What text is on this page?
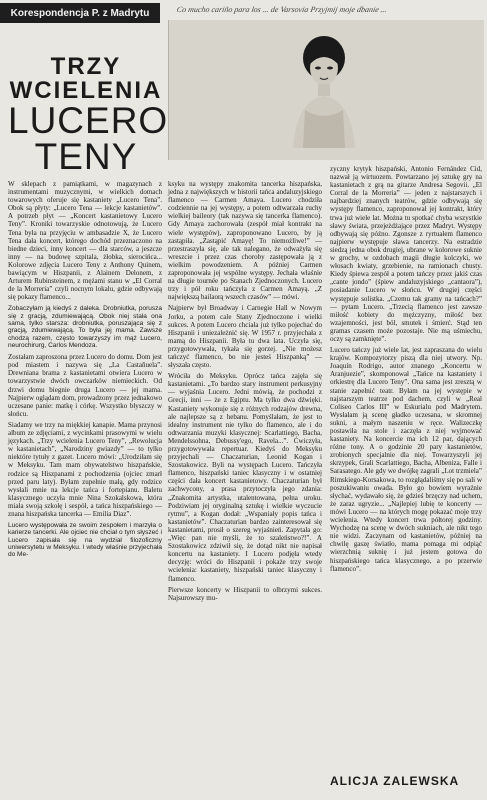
Korespondencja P. z Madrytu	Co mucho cariño para los ... de Varsovia Przyjmij moje dbanie ...
TRZY WCIELENIA
LUCERO
TENY

W sklepach z pamiątkami, w magazynach z instrumentami muzycznymi, w wielkich domach towarowych oferuje się kastaniety „Lucero Tena”. Obok są płyty: „Lucero Tena — lekcje kastanietów”. A potrzeb płyt — „Koncert kastanietowy Lucero Teny”. Kroniki towarzyskie odnotowują, że Lucero Tena była na przyjęciu w ambasadzie X, że Lucero Tena dała koncert, którego dochód przeznaczono na biedne dzieci, inny koncert — dla starców, a jeszcze inny — na budowę szpitala, żłobka, sierocińca... Kolorowe zdjęcia Lucero Teny z Anthony Quinem, bawiącym w Hiszpanii, z Alainem Delonem, z Arturem Rubinsteinem, z mężami stanu w „El Corral de la Morreria” czyli nocnym lokalu, gdzie odbywają się pokazy flamenco...

Zobaczyłam ją kiedyś z daleka. Drobniutka, porusza się z gracją, zdumiewającą. Obok niej stała ona sama, tylko starsza: drobniutka, poruszająca się z gracją, zdumiewającą. To była jej mama. Zawsze chodzą razem, często towarzyszy im mąż Lucero, neurochirurg, Carlos Mendoza.

Zostałam zaproszona przez Lucero do domu. Dom jest pod miastem i nazywa się „La Castañuela”. Drewniana brama z kastanietami otwiera Lucero w towarzystwie dwóch owczarków niemieckich. Od drzwi domu biegnie druga Lucero — jej mama. Najpierw oglądam dom, prowadzony przez jednakowo uczesane panie: matkę i córkę. Wszystko błyszczy w słońcu.

Siadamy we trzy na miękkiej kanapie. Mama przynosi album ze zdjęciami, z wycinkami prasowymi w wielu językach. „Trzy wcielenia Lucero Teny”, „Rewolucja w kastanietach”, „Narodziny gwiazdy” — to tylko niektóre tytuły z gazet. Lucero mówi: „Urodziłam się w Meksyku. Tam mam obywatelstwo hiszpańskie, rodzice są Hiszpanami z pochodzenia (ojciec zmarł przed paru laty). Byłam zupełnie małą, gdy rodzice wysłali mnie na lekcje tańca i fortepianu. Baletu klasycznego uczyła mnie Nina Szokalskowa, która miała swoją szkołę i sespół, a tańca hiszpańskiego — znana hiszpańska tancerka — Emilia Diaz”.

Lucero występowała ze swoim zespołem i marzyła o karierze tancerki. Ale ojciec nie chciał o tym słyszeć i Lucero zapisała się na wydział filozoficzny uniwersytetu w Meksyku. I wtedy właśnie przyjechała do Me-

ksyku na występy znakomita tancerka hiszpańska, jedna z największych w historii tańca andaluzyjskiego flamenco — Carmen Amaya. Lucero chodziła codziennie na jej występy, a potem odtwarzała ruchy wielkiej baileory (tak nazywa się tancerka flamenco). Gdy Amaya zachorowała (zespół miał kontrakt na wiele występów), zaproponowano Lucero, by ją zastąpiła. „Zastąpić Amayę! To niemożliwe!” — przestraszyła się, ale tak nalegano, że odważyła się wreszcie i przez czas choroby zastępowała ją z wielkim powodzeniem. A później Carmen zaproponowała jej wspólne występy. Jechała właśnie na długie tournée po Stanach Zjednoczonych. Lucero trzy i pół roku tańczyła z Carmen Amayą. „Z największą bailaorą wszech czasów” — mówi.

Najpierw był Broadway i Carnegie Hall w Nowym Jorku, a potem cale Stany Zjednoczone i wielki sukces. A potem Lucero chciała już tylko pojechać do Hiszpanii i uniezależnić się. W 1957 r. przyjechała z mamą do Hiszpanii. Była tu dwa lata. Uczyła się, przygotowywała, tykała się gorzej. „Nie możesz tańczyć flamenco, bo nie jesteś Hiszpanką” — słyszała często.

Wróciła do Meksyku. Oprócz tańca zajęła się kastanietami. „To bardzo stary instrument perkusyjny — wyjaśnia Lucero. Jedni mówią, że pochodzi z Grecji, inni — że z Egiptu. Ma tylko dwa dźwięki. Kastaniety wykonuje się z różnych rodzajów drewna, ale najlepsze są z hebanu. Pomyślałam, że jest to idealny instrument nie tylko do flamenco, ale i do odtwarzania muzyki klasycznej: Scarlattiego, Bacha, Mendelssohna, Debussy'ego, Ravela...”. Ćwiczyła, przygotowywała repertuar. Kiedyś do Meksyku przyjechali — Chaczaturian, Leonid Kogan i Szostakowicz. Byli na występach Lucero. Tańczyła flamenco, hiszpański taniec klasyczny i w ostatniej części dała koncert kastanietowy. Chaczaturian był zachwycony, a prasa przytoczyła jego zdania: „Znakomita artystka, utalentowana, pełna uroku. Podziwiam jej oryginalną sztukę i wielkie wyczucie rytmu”, a Kogan dodał: „Wspaniały popis tańca i kastanietów”. Chaczaturian bardzo zainteresował się kastanietami, prosił o szereg wyjaśnień. Zapytała go: „Więc pan nie myśli, że to szaleństwo?!”. A Szostakowicz zdziwił się, że dotąd nikt nie napisał koncertu na kastaniety. I Lucero podjęła wtedy decyzję: wróci do Hiszpanii i pokaże trzy swoje wcielenia: kastaniety, hiszpański taniec klasyczny i flamenco.

Pierwsze koncerty w Hiszpanii to olbrzymi sukces. Najsurowszy mu-

zyczny krytyk hiszpański, Antonio Fernández Cid, nazwał ją wirtuozem. Powtarzano jej sztukę gry na kastanietach z grą na gitarze Andresa Segovii. „El Corral de la Morreria” — jeden z najstarszych i najbardziej znanych teatrów, gdzie odbywają się występy flamenco, zaproponował jej kontrakt, który trwa już wiele lat. Można tu spotkać chyba wszystkie sławy świata, przejeżdżające przez Madryt. Występy odbywają się późno. Zgonsze z ryrtuałem flamenco najpierw występuje sława tancerzy. Na estradzie siedzą jedna obok drugiej, ubrane w kolorowe suknie w grochy, w ozdobach magii długie kolczyki, we włosach kwiaty, grzebienie, na ramionach chusty. Kiedy śpiewa zespół a potem tańczy przez jakiś czas „cante jondo” (śpiew andaluzyjskiego „cantaora”), posiadanie Lucero w słońcu. W drugiej części występuje solistka. „Czemu tak gramy na tańcach?” — pytam Lucero. „Trzecią flamenco jest zawsze miłość kobiety do mężczyzny, miłość bez wzajemności, jest ból, smutek i śmierć. Stąd ten gramas czasem może pozostaje. Nie mą uśmiechu, oczy są zamknięte”.

Lucero tańczy już wiele lat, jest zapraszana do wielu krajów. Kompozytorzy piszą dla niej utwory. Np. Joaquín Rodrigo, autor znanego „Koncertu w Aranjuezie”, skomponował „Tańce na kastaniety i orkiestrę dla Lucero Teny”. Ona sama jest zresztą w stanie zapełnić teatr. Byłam na jej występie w najstarszym teatrze pod dachem, czyli w „Real Coliseo Carlos III” w Eskurialu pod Madrytem. Wysłałam ją scenę gładko uczesana, w skromnej sukni, a małym naszeniu w ręce. Walizeczkę postawiła na stole i zaczęła z niej wyjmować kastaniety. Na koncercie ma ich 12 par, dających różne tony. A o godzinie 20 pary kastanietów, zrobionych specjalnie dla niej. Towarzyszyli jej skrzypek, Grali Scarlattiego, Bacha, Albeniza, Falle i Sarasatego. Ale gdy we dwójkę zagrali „Lot trzmiela” Rimskiego-Korsakowa, to rozgłądaliśmy się po sali w poszukiwaniu owada. Było go bowiem wyraźnie słychać, wydawało się, że gdzieś brzęczy nad uchem, że zaraz ugryzie... „Najlepiej lubię te koncerty — mówi Lucero — na których mogę pokazać moje trzy wcielenia. Wtedy koncert trwa półtorej godziny. Wychodzę na scenę w dwóch sukniach, ale nikt tego nie widzi. Zaczynam od kastanietów, później na chwilę gaszę światło, mama pomaga mi odpiąć wierzchnią suknię i już jestem gotowa do hiszpańskiego tańca klasycznego, a po przerwie flamenco”.

ALICJA ZALEWSKA
